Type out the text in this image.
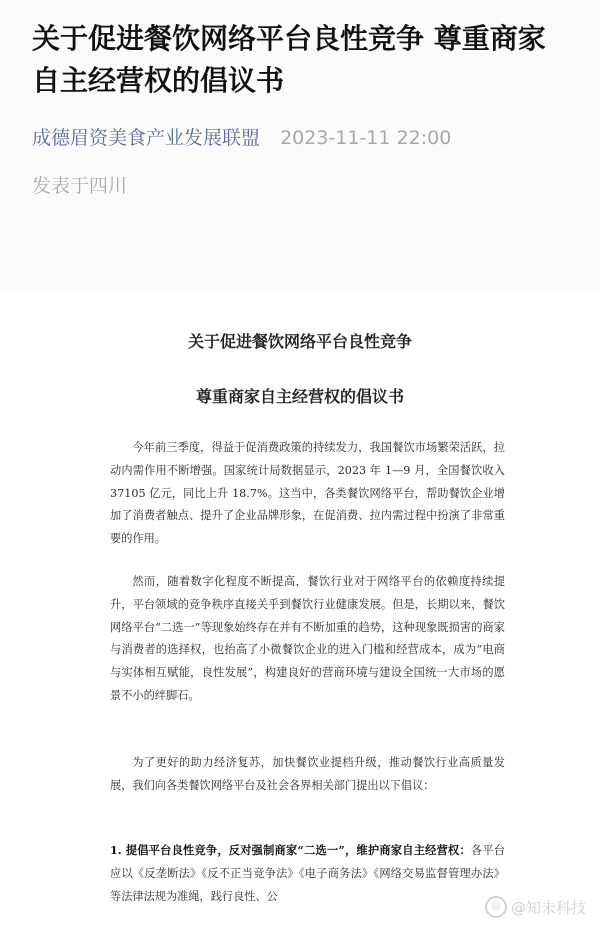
关于促进餐饮网络平台良性竞争 尊重商家自主经营权的倡议书
成德眉资美食产业发展联盟 2023-11-11 22:00
发表于四川
关于促进餐饮网络平台良性竞争
尊重商家自主经营权的倡议书
今年前三季度，得益于促消费政策的持续发力，我国餐饮市场繁荣活跃，拉动内需作用不断增强。国家统计局数据显示，2023 年 1—9 月，全国餐饮收入 37105 亿元，同比上升 18.7%。这当中，各类餐饮网络平台，帮助餐饮企业增加了消费者触点、提升了企业品牌形象，在促消费、拉内需过程中扮演了非常重要的作用。
然而，随着数字化程度不断提高，餐饮行业对于网络平台的依赖度持续提升，平台领域的竞争秩序直接关乎到餐饮行业健康发展。但是，长期以来，餐饮网络平台“二选一”等现象始终存在并有不断加重的趋势，这种现象既损害的商家与消费者的选择权，也抬高了小微餐饮企业的进入门槛和经营成本，成为“电商与实体相互赋能，良性发展”，构建良好的营商环境与建设全国统一大市场的愿景不小的绊脚石。
为了更好的助力经济复苏，加快餐饮业提档升级，推动餐饮行业高质量发展，我们向各类餐饮网络平台及社会各界相关部门提出以下倡议：
1. 提倡平台良性竞争，反对强制商家“二选一”，维护商家自主经营权：各平台应以《反垄断法》《反不正当竞争法》《电子商务法》《网络交易监督管理办法》等法律法规为准绳，践行良性、公
◎ @知未科技
